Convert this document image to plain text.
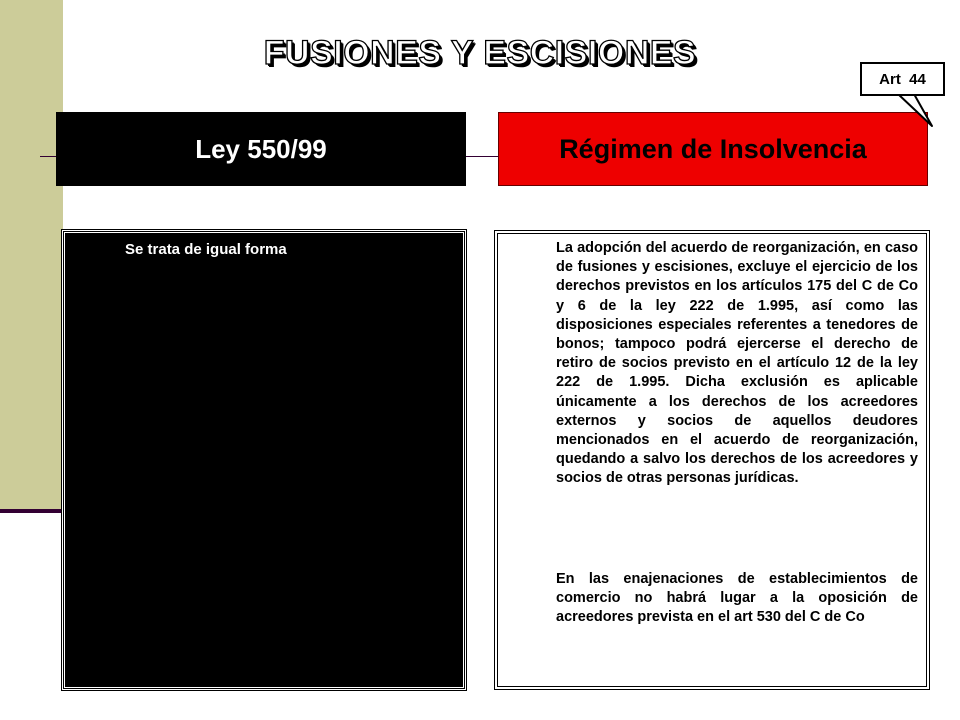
FUSIONES Y ESCISIONES
Ley 550/99	Régimen de Insolvencia
Art  44
Se trata de igual forma	La adopción del acuerdo de reorganización, en caso de fusiones y escisiones, excluye el ejercicio de los derechos previstos en los artículos 175 del C de Co y 6 de la ley 222 de 1.995, así como las disposiciones especiales referentes a tenedores de bonos; tampoco podrá ejercerse el derecho de retiro de socios previsto en el artículo 12 de la ley 222 de 1.995. Dicha exclusión es aplicable únicamente a los derechos de los acreedores externos y socios de aquellos deudores mencionados en el acuerdo de reorganización, quedando a salvo los derechos de los acreedores y socios de otras personas jurídicas.
En las enajenaciones de establecimientos de comercio no habrá lugar a la oposición de acreedores prevista en el art 530 del C de Co
